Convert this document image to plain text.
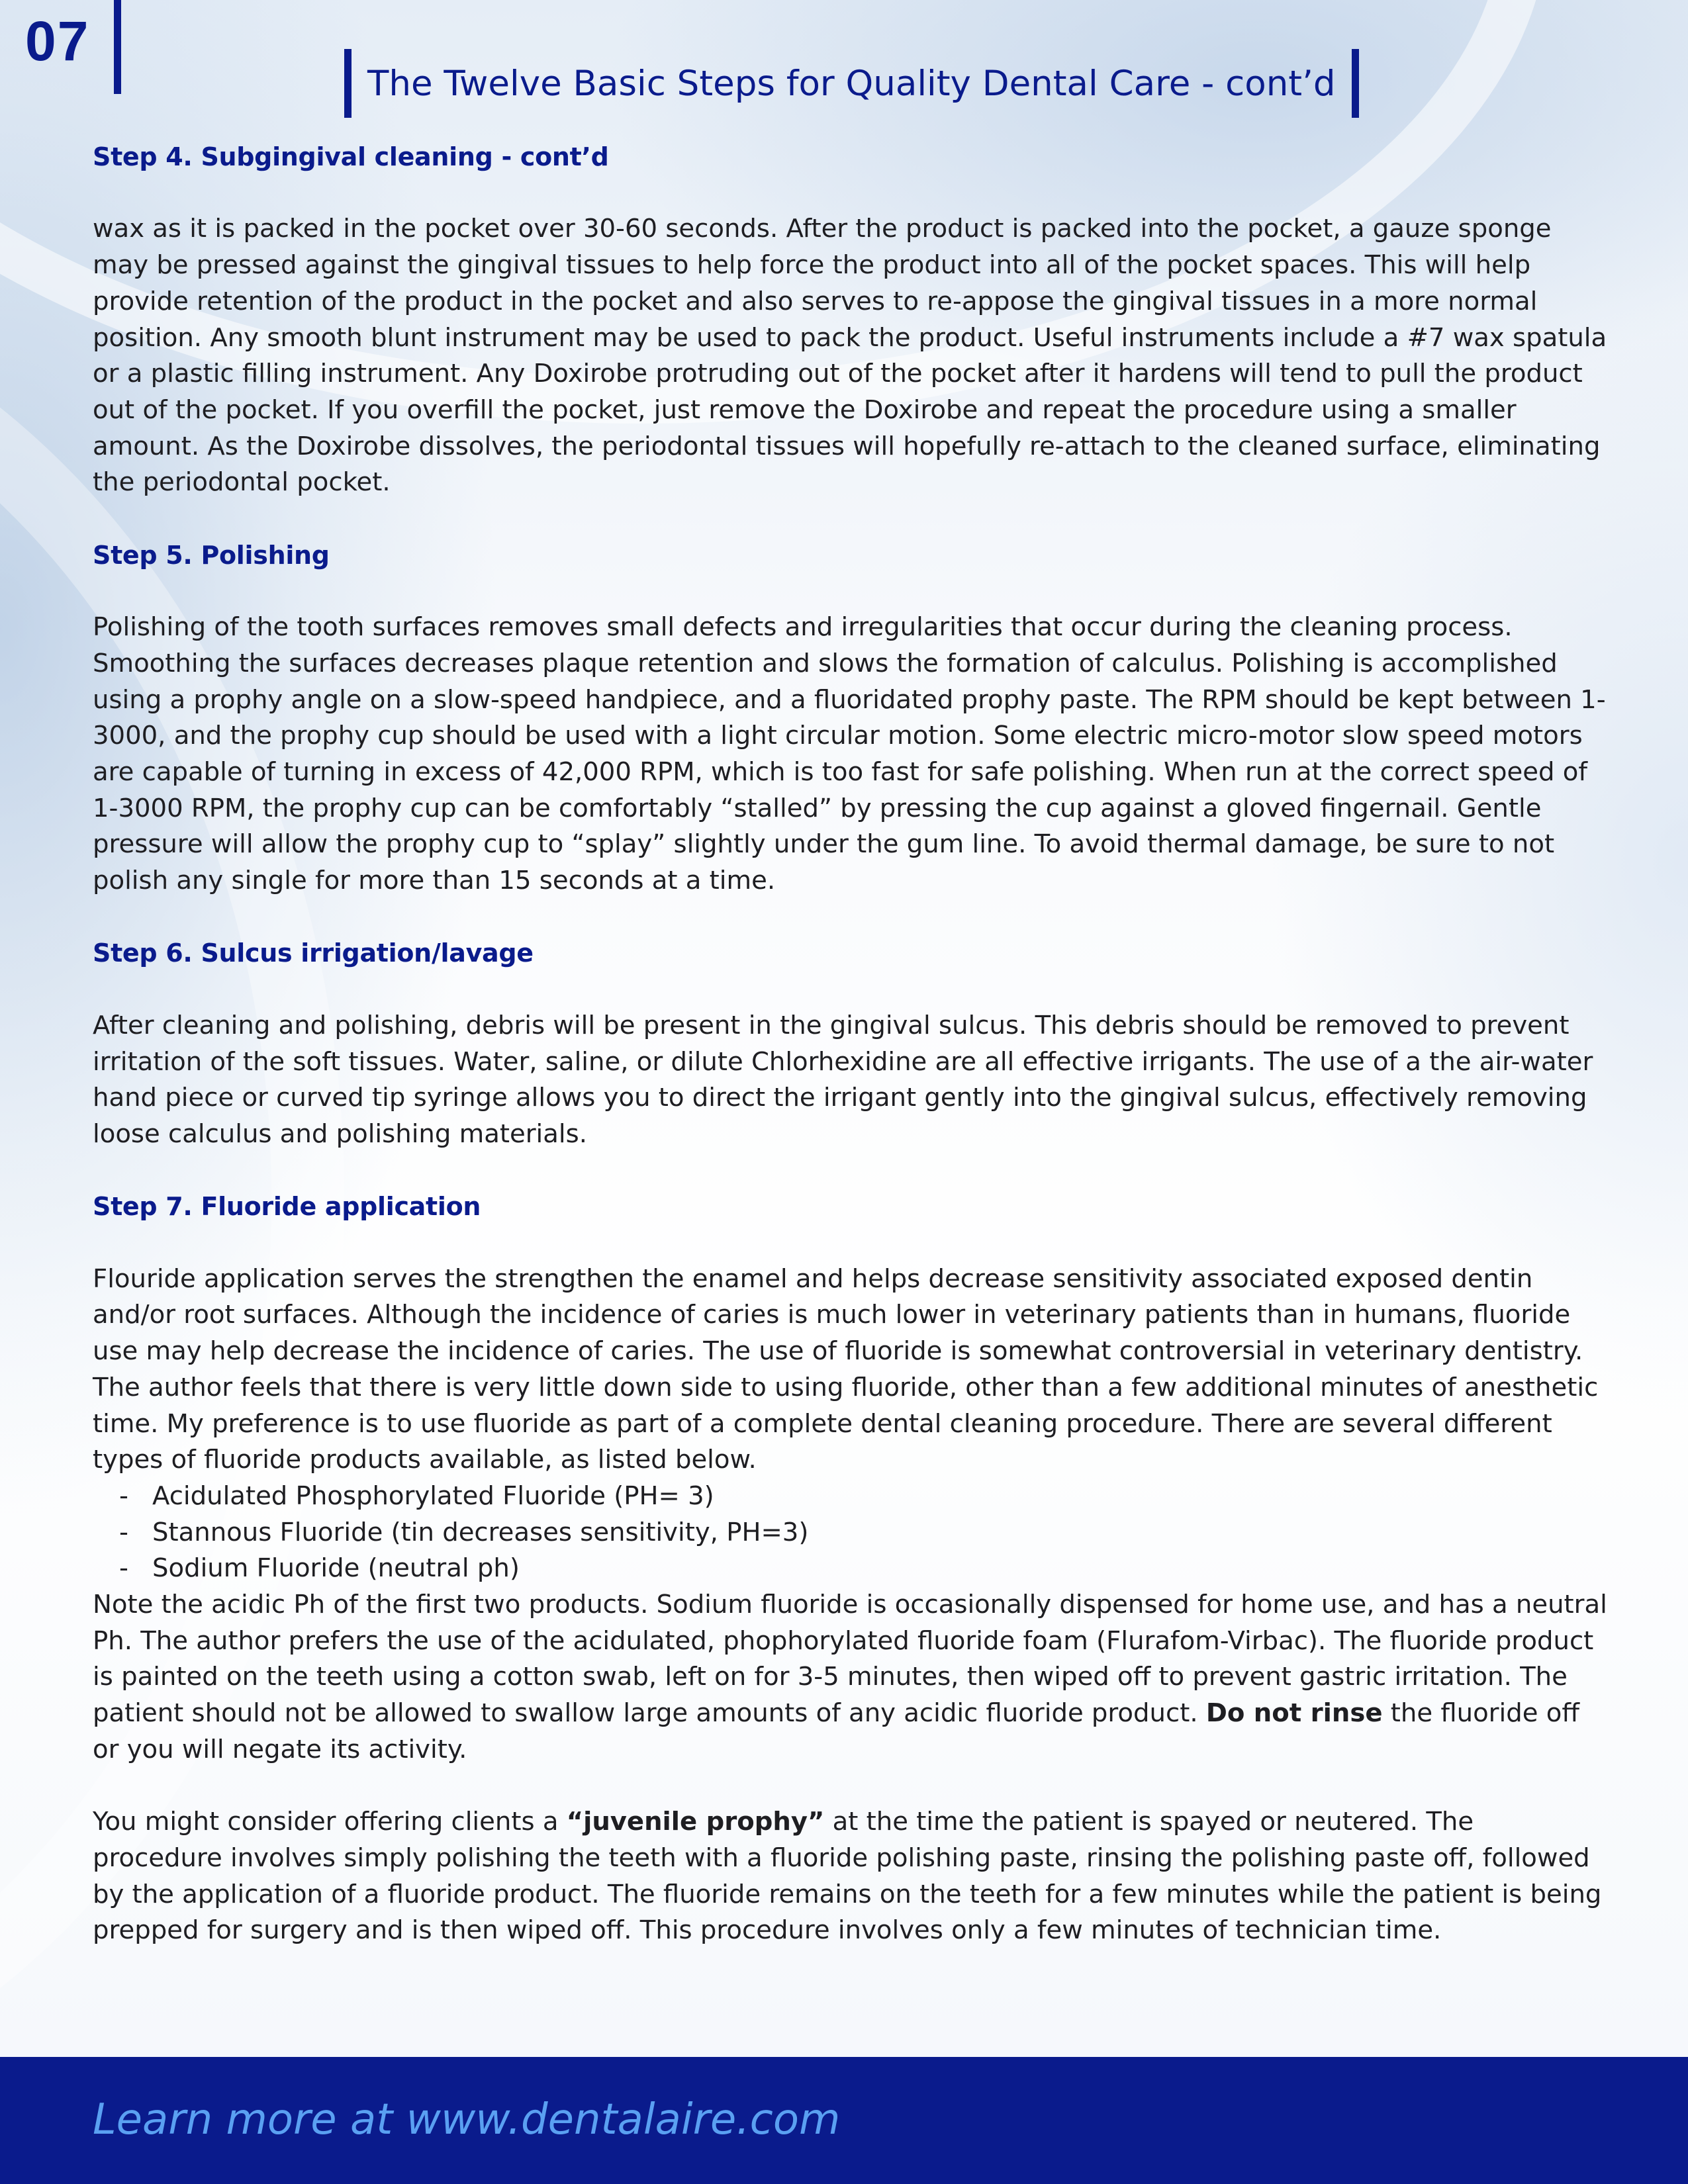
07
The Twelve Basic Steps for Quality Dental Care - cont’d
Step 4. Subgingival cleaning - cont’d

wax as it is packed in the pocket over 30-60 seconds. After the product is packed into the pocket, a gauze sponge may be pressed against the gingival tissues to help force the product into all of the pocket spaces. This will help provide retention of the product in the pocket and also serves to re-appose the gingival tissues in a more normal position. Any smooth blunt instrument may be used to pack the product. Useful instruments include a #7 wax spatula or a plastic filling instrument. Any Doxirobe protruding out of the pocket after it hardens will tend to pull the product out of the pocket. If you overfill the pocket, just remove the Doxirobe and repeat the procedure using a smaller amount. As the Doxirobe dissolves, the periodontal tissues will hopefully re-attach to the cleaned surface, eliminating the periodontal pocket.

Step 5. Polishing

Polishing of the tooth surfaces removes small defects and irregularities that occur during the cleaning process. Smoothing the surfaces decreases plaque retention and slows the formation of calculus. Polishing is accomplished using a prophy angle on a slow-speed handpiece, and a fluoridated prophy paste. The RPM should be kept between 1-3000, and the prophy cup should be used with a light circular motion. Some electric micro-motor slow speed motors are capable of turning in excess of 42,000 RPM, which is too fast for safe polishing. When run at the correct speed of 1-3000 RPM, the prophy cup can be comfortably “stalled” by pressing the cup against a gloved fingernail. Gentle pressure will allow the prophy cup to “splay” slightly under the gum line. To avoid thermal damage, be sure to not polish any single for more than 15 seconds at a time.

Step 6. Sulcus irrigation/lavage

After cleaning and polishing, debris will be present in the gingival sulcus. This debris should be removed to prevent irritation of the soft tissues. Water, saline, or dilute Chlorhexidine are all effective irrigants. The use of a the air-water hand piece or curved tip syringe allows you to direct the irrigant gently into the gingival sulcus, effectively removing loose calculus and polishing materials.

Step 7. Fluoride application

Flouride application serves the strengthen the enamel and helps decrease sensitivity associated exposed dentin and/or root surfaces. Although the incidence of caries is much lower in veterinary patients than in humans, fluoride use may help decrease the incidence of caries. The use of fluoride is somewhat controversial in veterinary dentistry. The author feels that there is very little down side to using fluoride, other than a few additional minutes of anesthetic time. My preference is to use fluoride as part of a complete dental cleaning procedure. There are several different types of fluoride products available, as listed below.

- Acidulated Phosphorylated Fluoride (PH= 3)
- Stannous Fluoride (tin decreases sensitivity, PH=3)
- Sodium Fluoride (neutral ph)

Note the acidic Ph of the first two products. Sodium fluoride is occasionally dispensed for home use, and has a neutral Ph. The author prefers the use of the acidulated, phophorylated fluoride foam (Flurafom-Virbac). The fluoride product is painted on the teeth using a cotton swab, left on for 3-5 minutes, then wiped off to prevent gastric irritation. The patient should not be allowed to swallow large amounts of any acidic fluoride product. Do not rinse the fluoride off or you will negate its activity.

You might consider offering clients a “juvenile prophy” at the time the patient is spayed or neutered. The procedure involves simply polishing the teeth with a fluoride polishing paste, rinsing the polishing paste off, followed by the application of a fluoride product. The fluoride remains on the teeth for a few minutes while the patient is being prepped for surgery and is then wiped off. This procedure involves only a few minutes of technician time.

Learn more at www.dentalaire.com
